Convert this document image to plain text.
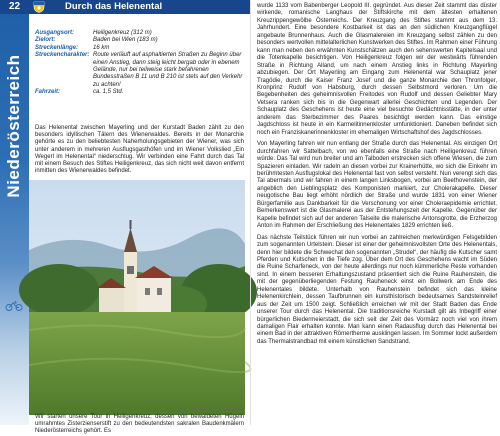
22
Niederösterreich
Durch das Helenental
Ausgangsort:	Heiligenkreuz (312 m)
Zielort:	Baden bei Wien (183 m)
Streckenlänge:	16 km
Streckencharakter: Route verläuft auf asphaltierten Straßen zu Beginn über einen Anstieg, dann steig leicht bergab oder in ebenem Gelände, nur bei teilweise stark befahrenen Bundesstraßen B 11 und B 210 ist stets auf den Verkehr zu achten!
Fahrzeit:	ca. 1,5 Std.

Das Helenental zwischen Mayerling und der Kurstadt Baden zählt zu den besonders idyllischen Tälern des Wienerwaldes. Bereits in der Monarchie gehörte es zu den beliebtesten Naherholungsgebieten der Wiener, was sich unter anderem in mehreren Ausflugsgasthöfen und im Wiener Volkslied „Ein Wegerl im Helenental“ niederschlug. Wir verbinden eine Fahrt durch das Tal mit einem Besuch des Stiftes Heiligenkreuz, das sich nicht weit davon entfernt inmitten des Wienerwaldes befindet.

Foto: NÖ Heiligenkreuz / LVB Wienerwald

Wir starten unsere Tour in Heiligenkreuz, dessen von bewaldeten Hügeln umrahmtes Zisterzienserstift zu den bedeutendsten sakralen Baudenkmälern Niederösterreichs gehört. Es

wurde 1133 vom Babenberger Leopold III. gegründet. Aus dieser Zeit stammt das düster wirkende, romanische Langhaus der Stiftskirche mit dem ältesten erhaltenen Kreuzrippengewölbe Österreichs. Der Kreuzgang des Stiftes stammt aus dem 13. Jahrhundert. Eine besondere Kostbarkeit ist das an den südlichen Kreuzgangflügel angebaute Brunnenhaus. Auch die Glasmalereien im Kreuzgang selbst zählen zu den besonders wertvollen mittelalterlichen Kunstwerken des Stiftes. Im Rahmen einer Führung kann man neben den erwähnten Kunstschätzen auch den sehenswerten Kapitelsaal und die Totenkapelle besichtigen. Von Heiligenkreuz folgen wir der westwärts führenden Straße in Richtung Alland, um nach einem Anstieg links in Richtung Mayerling abzubiegen. Der Ort Mayerling am Eingang zum Helenental war Schauplatz jener Tragödie, durch die Kaiser Franz Josef und die ganze Monarchie den Thronfolger, Kronprinz Rudolf von Habsburg, durch dessen Selbstmord verloren. Um die Begebenheiten des geheimnisvollen Freitodes von Rudolf und dessen Geliebter Mary Vetsera ranken sich bis in die Gegenwart allerlei Geschichten und Legenden. Der Schauplatz des Geschehens ist heute eine viel besuchte Gedächtnisstätte, in der unter anderem das Sterbezimmer des Paares besichtigt werden kann. Das einstige Jagdschloss ist heute in ein Karmelitinnenkloster umfunktioniert. Daneben befindet sich noch ein Franziskanerinnenkloster im ehemaligen Wirtschaftshof des Jagdschlosses.

Von Mayerling fahren wir nun entlang der Straße durch das Helenental. Als einzigen Ort durchfahren wir Sattelbach, von wo ebenfalls eine Straße nach Heiligenkreuz führen würde. Das Tal wird nun breiter und am Talboden erstrecken sich offene Wiesen, die zum Spazieren einladen. Wir radeln an diesen vorbei zur Krainerhütte, wo sich die Einkehr im berühmtesten Ausflugslokal des Helenental fast von selbst versteht. Nun verengt sich das Tal abermals und wir fahren in einem langen Linksbogen, vorbei am Beethovenstein, der angeblich den Lieblingsplatz des Komponisten markiert, zur Cholerakapelle. Dieser neugotische Bau liegt erhöht nördlich der Straße und wurde 1831 von einer Wiener Bürgerfamilie aus Dankbarkeit für die Verschonung vor einer Choleraepidemie errichtet. Bemerkenswert ist die Glasmalerei aus der Entstehungszeit der Kapelle. Gegenüber der Kapelle befindet sich auf der anderen Talseite die malerische Antonsgrotte, die Erzherzog Anton im Rahmen der Erschließung des Helenentales 1829 errichten ließ.

Das nächste Teilstück führen wir nun vorbei an zahlreichen merkwürdigen Felsgebilden zum sogenannten Urtelstein. Dieser ist einer der geheimnisvollsten Orte des Helenentals, denn hier bildete die Schwechat den sogenannten „Strudel“, der häufig die Kutscher samt Pferden und Kutschen in die Tiefe zog. Über dem Ort des Geschehens wacht im Süden die Ruine Scharfeneck, von der heute allerdings nur noch kümmerliche Reste vorhanden sind. In einem besseren Erhaltungszustand präsentiert sich die Ruine Rauhenstein, die mit der gegenüberliegenden Festung Rauheneck einst ein Bollwerk am Ende des Helenentales bildete. Unterhalb von Rauhenstein befindet sich das kleine Helenenkirchlein, dessen Taufbrunnen ein kunsthistorisch bedeutsames Sandsteinrelief aus der Zeit um 1500 zeigt. Schließlich erreichen wir mit der Stadt Baden das Ende unserer Tour durch das Helenental. Die traditionsreiche Kurstadt gilt als Inbegriff einer bürgerlichen Biedermeierstadt, die sich seit der Zeit des Vormärz noch viel von ihrem damaligen Flair erhalten konnte. Man kann einen Radausflug durch das Helenental bei einem Bad in der attraktiven Römertherme ausklingen lassen. Im Sommer lockt außerdem das Thermalstrandbad mit einem künstlichen Sandstrand.
